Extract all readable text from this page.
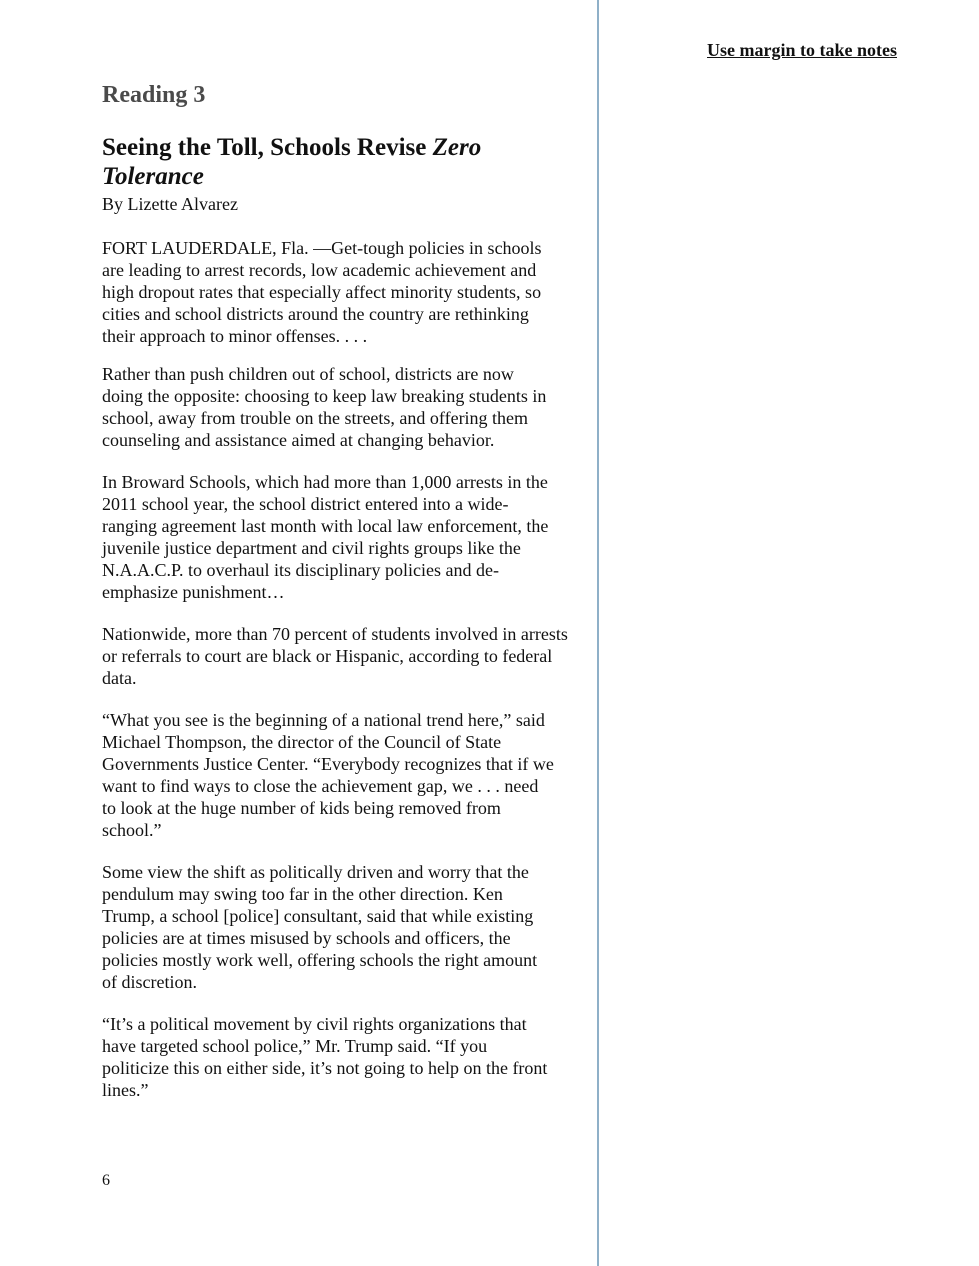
Use margin to take notes
Reading 3
Seeing the Toll, Schools Revise Zero Tolerance
By Lizette Alvarez

FORT LAUDERDALE, Fla. —Get-tough policies in schools
are leading to arrest records, low academic achievement and
high dropout rates that especially affect minority students, so
cities and school districts around the country are rethinking
their approach to minor offenses. . . .

Rather than push children out of school, districts are now
doing the opposite: choosing to keep law breaking students in
school, away from trouble on the streets, and offering them
counseling and assistance aimed at changing behavior.

In Broward Schools, which had more than 1,000 arrests in the
2011 school year, the school district entered into a wide-
ranging agreement last month with local law enforcement, the
juvenile justice department and civil rights groups like the
N.A.A.C.P. to overhaul its disciplinary policies and de-
emphasize punishment…

Nationwide, more than 70 percent of students involved in arrests
or referrals to court are black or Hispanic, according to federal
data.

“What you see is the beginning of a national trend here,” said
Michael Thompson, the director of the Council of State
Governments Justice Center. “Everybody recognizes that if we
want to find ways to close the achievement gap, we . . . need
to look at the huge number of kids being removed from
school.”

Some view the shift as politically driven and worry that the
pendulum may swing too far in the other direction. Ken
Trump, a school [police] consultant, said that while existing
policies are at times misused by schools and officers, the
policies mostly work well, offering schools the right amount
of discretion.

“It’s a political movement by civil rights organizations that
have targeted school police,” Mr. Trump said. “If you
politicize this on either side, it’s not going to help on the front
lines.”

6
